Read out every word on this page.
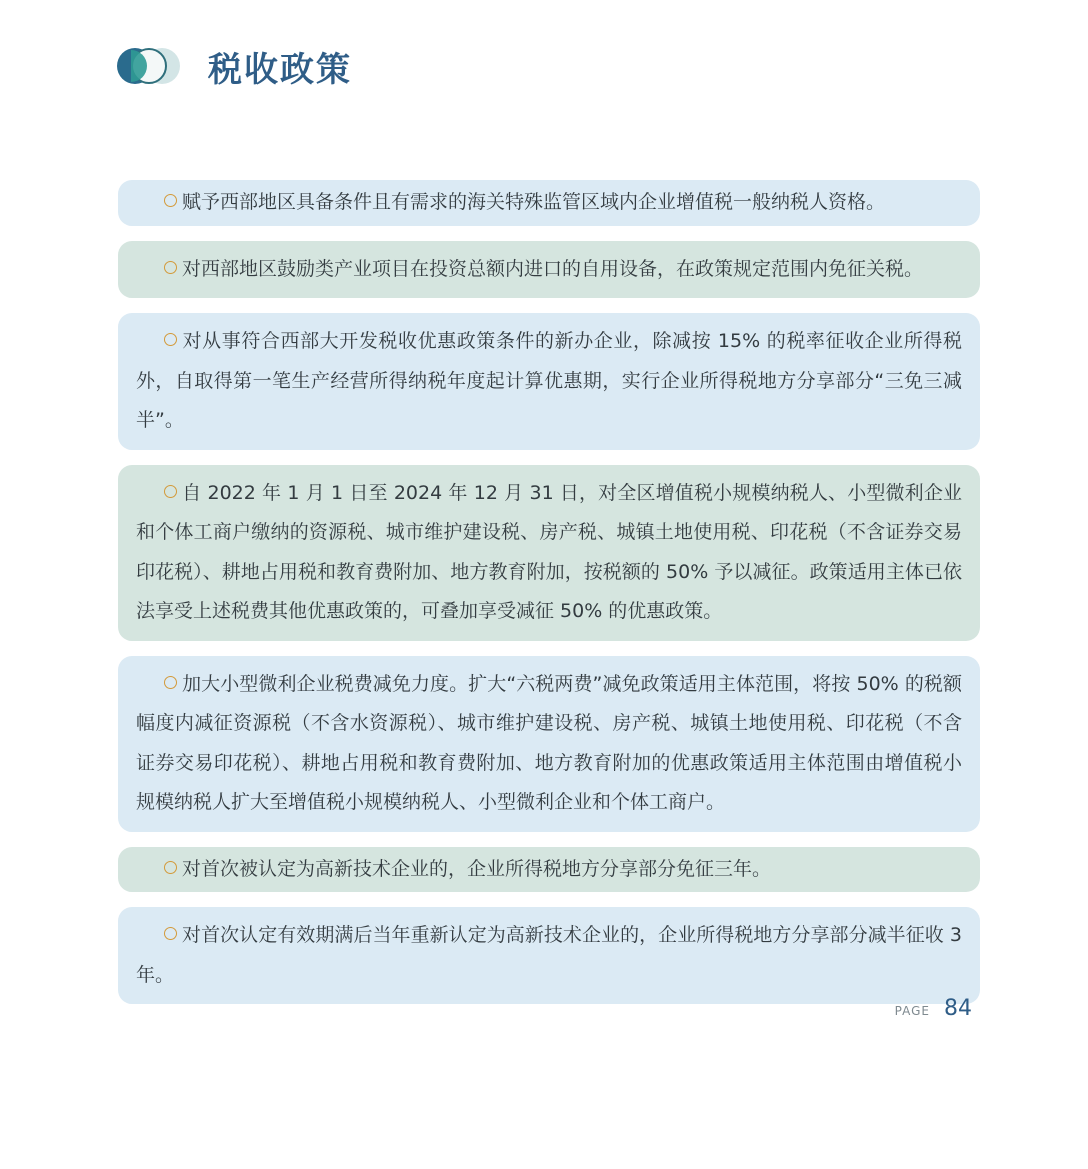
税收政策
赋予西部地区具备条件且有需求的海关特殊监管区域内企业增值税一般纳税人资格。
对西部地区鼓励类产业项目在投资总额内进口的自用设备，在政策规定范围内免征关税。
对从事符合西部大开发税收优惠政策条件的新办企业，除减按 15% 的税率征收企业所得税外，自取得第一笔生产经营所得纳税年度起计算优惠期，实行企业所得税地方分享部分“三免三减半”。
自 2022 年 1 月 1 日至 2024 年 12 月 31 日，对全区增值税小规模纳税人、小型微利企业和个体工商户缴纳的资源税、城市维护建设税、房产税、城镇土地使用税、印花税（不含证券交易印花税）、耕地占用税和教育费附加、地方教育附加，按税额的 50% 予以减征。政策适用主体已依法享受上述税费其他优惠政策的，可叠加享受减征 50% 的优惠政策。
加大小型微利企业税费减免力度。扩大“六税两费”减免政策适用主体范围，将按 50% 的税额幅度内减征资源税（不含水资源税）、城市维护建设税、房产税、城镇土地使用税、印花税（不含证券交易印花税）、耕地占用税和教育费附加、地方教育附加的优惠政策适用主体范围由增值税小规模纳税人扩大至增值税小规模纳税人、小型微利企业和个体工商户。
对首次被认定为高新技术企业的，企业所得税地方分享部分免征三年。
对首次认定有效期满后当年重新认定为高新技术企业的，企业所得税地方分享部分减半征收 3 年。
PAGE 84
